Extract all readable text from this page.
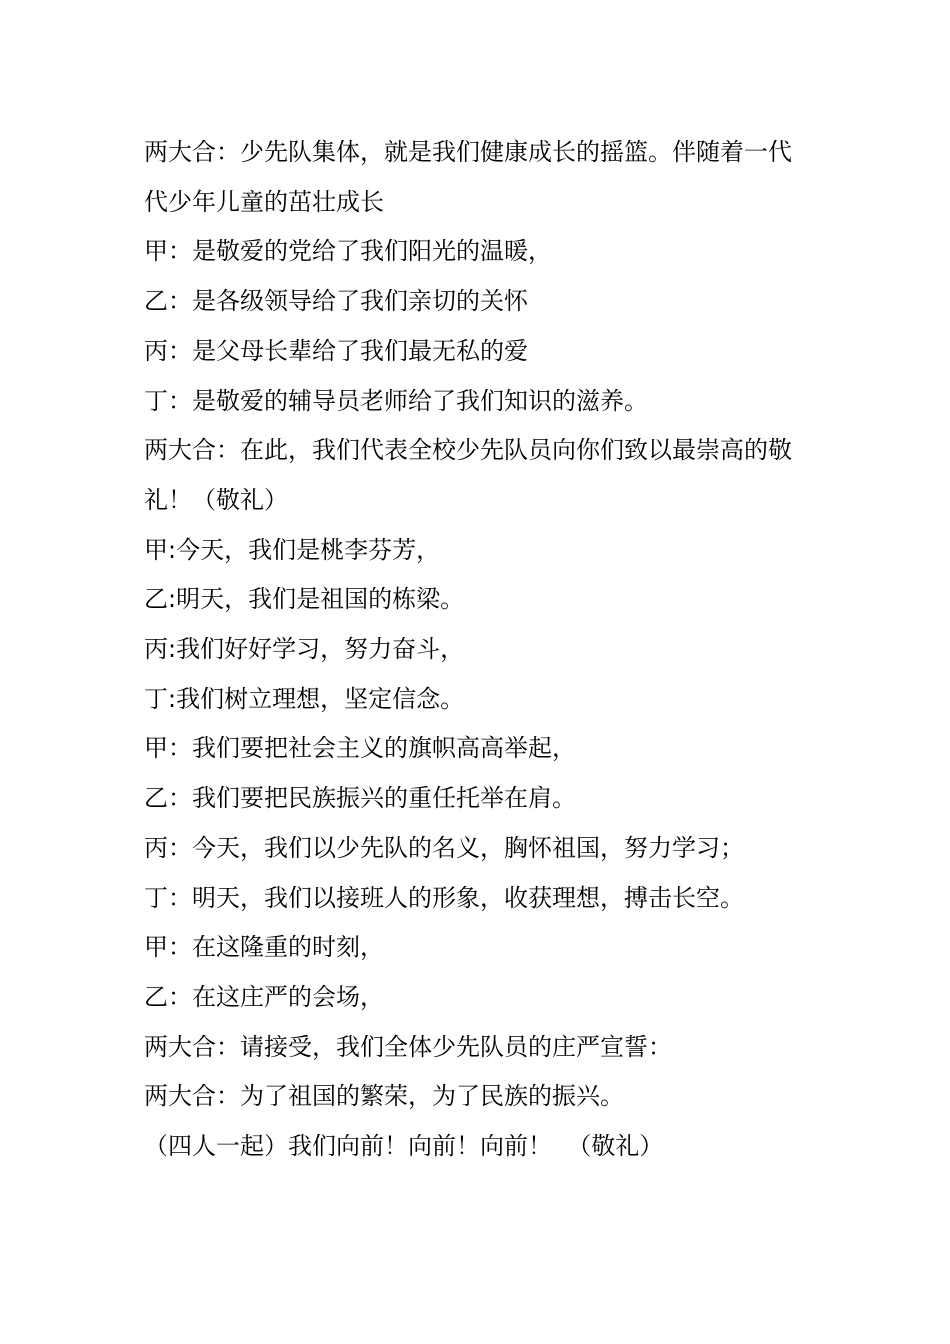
两大合：少先队集体，就是我们健康成长的摇篮。伴随着一代代少年儿童的茁壮成长

甲：是敬爱的党给了我们阳光的温暖，

乙：是各级领导给了我们亲切的关怀

丙：是父母长辈给了我们最无私的爱

丁：是敬爱的辅导员老师给了我们知识的滋养。

两大合：在此，我们代表全校少先队员向你们致以最崇高的敬礼！（敬礼）

甲:今天，我们是桃李芬芳，

乙:明天，我们是祖国的栋梁。

丙:我们好好学习，努力奋斗，

丁:我们树立理想，坚定信念。

甲：我们要把社会主义的旗帜高高举起，

乙：我们要把民族振兴的重任托举在肩。

丙：今天，我们以少先队的名义，胸怀祖国，努力学习；

丁：明天，我们以接班人的形象，收获理想，搏击长空。

甲：在这隆重的时刻，

乙：在这庄严的会场，

两大合：请接受，我们全体少先队员的庄严宣誓：

两大合：为了祖国的繁荣，为了民族的振兴。

（四人一起）我们向前！向前！向前！  （敬礼）
